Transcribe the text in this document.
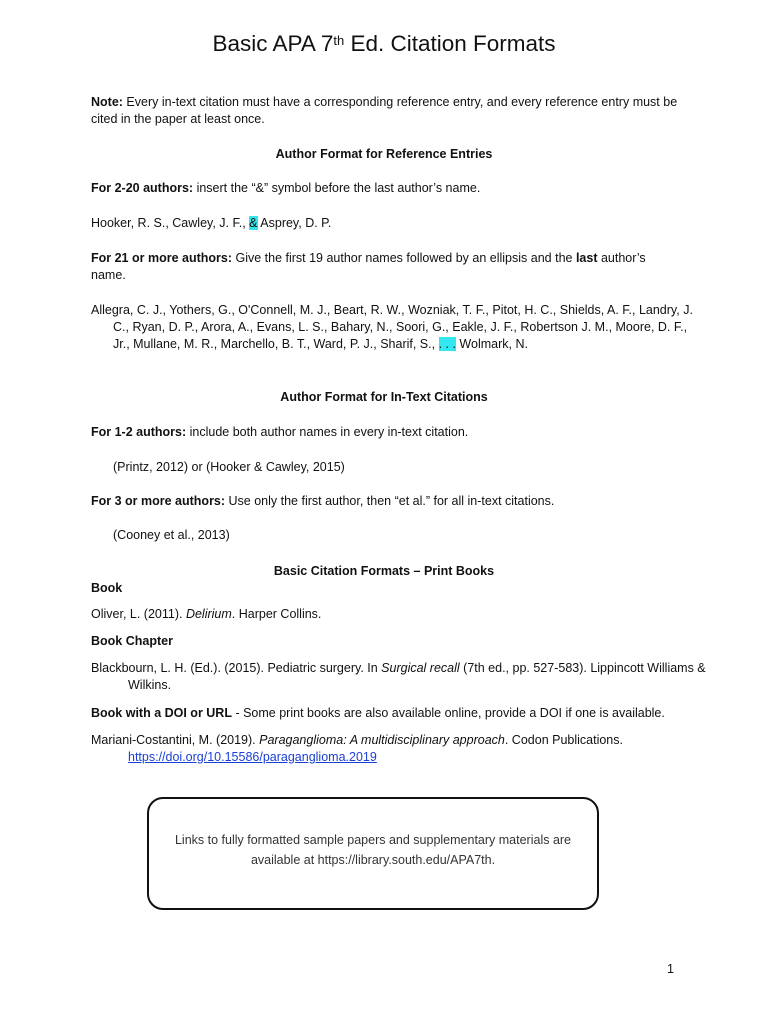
Basic APA 7th Ed. Citation Formats
Note: Every in-text citation must have a corresponding reference entry, and every reference entry must be cited in the paper at least once.
Author Format for Reference Entries
For 2-20 authors: insert the “&” symbol before the last author’s name.
Hooker, R. S., Cawley, J. F., & Asprey, D. P.
For 21 or more authors: Give the first 19 author names followed by an ellipsis and the last author’s name.
Allegra, C. J., Yothers, G., O'Connell, M. J., Beart, R. W., Wozniak, T. F., Pitot, H. C., Shields, A. F., Landry, J. C., Ryan, D. P., Arora, A., Evans, L. S., Bahary, N., Soori, G., Eakle, J. F., Robertson J. M., Moore, D. F., Jr., Mullane, M. R., Marchello, B. T., Ward, P. J., Sharif, S., . . . Wolmark, N.
Author Format for In-Text Citations
For 1-2 authors: include both author names in every in-text citation.
(Printz, 2012) or (Hooker & Cawley, 2015)
For 3 or more authors: Use only the first author, then “et al.” for all in-text citations.
(Cooney et al., 2013)
Basic Citation Formats – Print Books
Book
Oliver, L. (2011). Delirium. Harper Collins.
Book Chapter
Blackbourn, L. H. (Ed.). (2015). Pediatric surgery. In Surgical recall (7th ed., pp. 527-583). Lippincott Williams & Wilkins.
Book with a DOI or URL - Some print books are also available online, provide a DOI if one is available.
Mariani-Costantini, M. (2019). Paraganglioma: A multidisciplinary approach. Codon Publications.
https://doi.org/10.15586/paraganglioma.2019
Links to fully formatted sample papers and supplementary materials are available at https://library.south.edu/APA7th.
1
